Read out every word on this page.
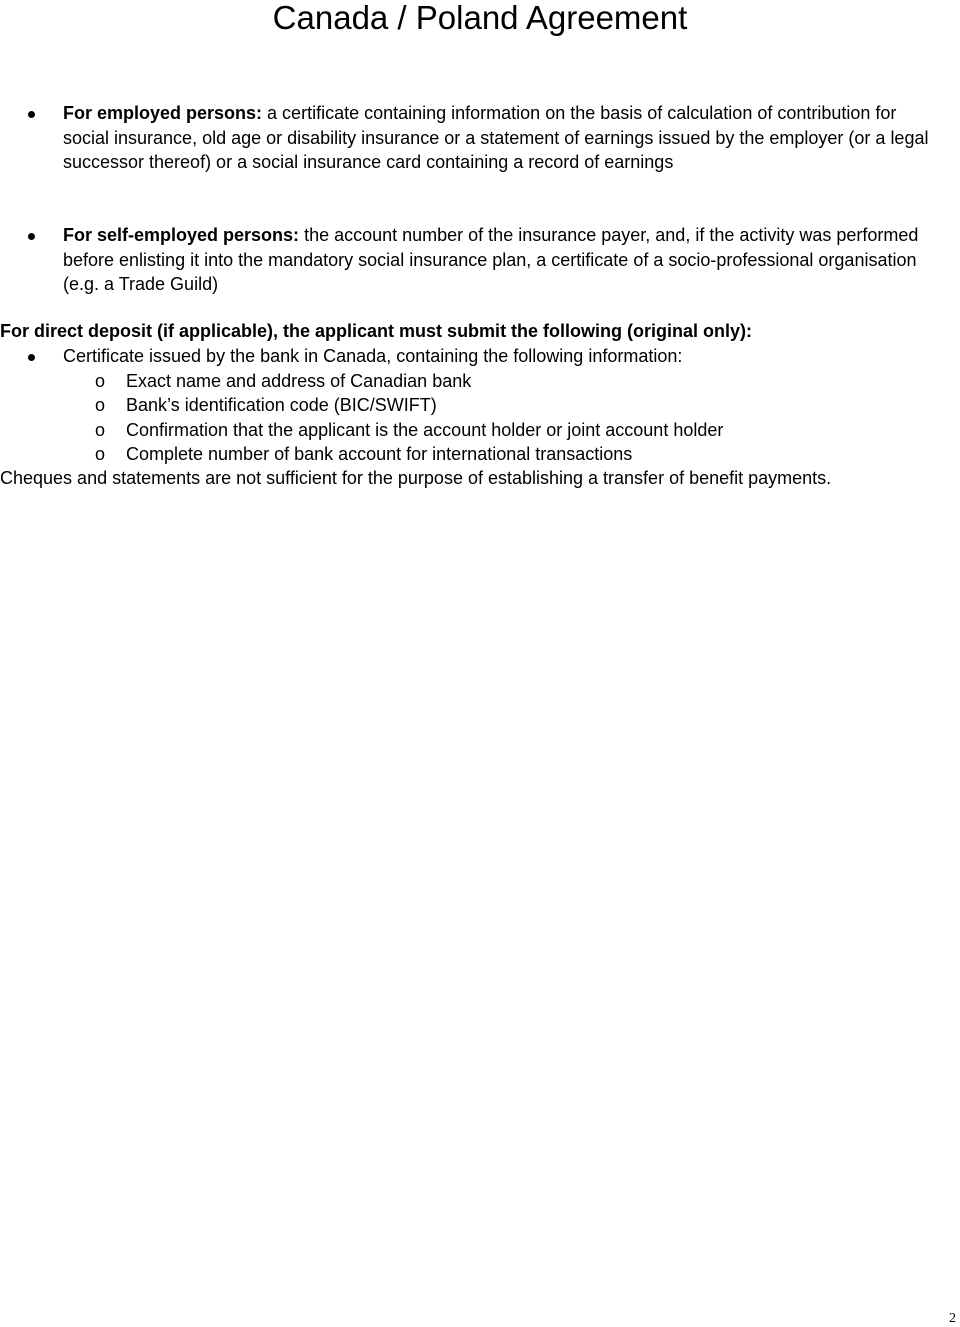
Canada / Poland Agreement

For employed persons: a certificate containing information on the basis of calculation of contribution for social insurance, old age or disability insurance or a statement of earnings issued by the employer (or a legal successor thereof) or a social insurance card containing a record of earnings

For self-employed persons: the account number of the insurance payer, and, if the activity was performed before enlisting it into the mandatory social insurance plan, a certificate of a socio-professional organisation (e.g. a Trade Guild)

For direct deposit (if applicable), the applicant must submit the following (original only):

Certificate issued by the bank in Canada, containing the following information:

o Exact name and address of Canadian bank

o Bank’s identification code (BIC/SWIFT)

o Confirmation that the applicant is the account holder or joint account holder

o Complete number of bank account for international transactions

Cheques and statements are not sufficient for the purpose of establishing a transfer of benefit payments.

2
